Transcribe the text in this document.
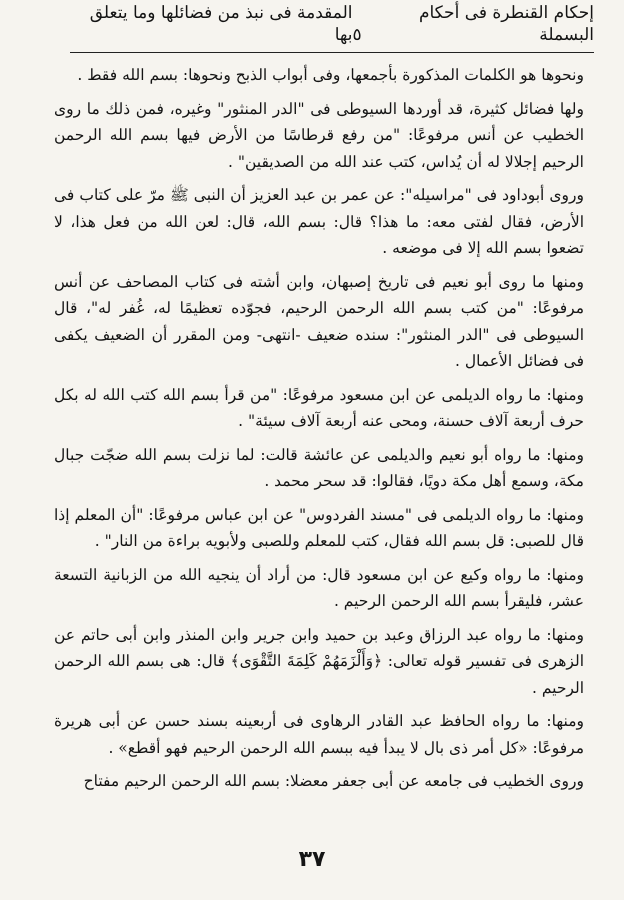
إحكام القنطرة فى أحكام البسملة
٥
المقدمة فى نبذ من فضائلها وما يتعلق بها

ونحوها هو الكلمات المذكورة بأجمعها، وفى أبواب الذبح ونحوها: بسم الله فقط .

ولها فضائل كثيرة، قد أوردها السيوطى فى "الدر المنثور" وغيره، فمن ذلك ما روى الخطيب عن أنس مرفوعًا: "من رفع قرطاسًا من الأرض فيها بسم الله الرحمن الرحيم إجلالا له أن يُداس، كتب عند الله من الصديقين" .

وروى أبوداود فى "مراسيله": عن عمر بن عبد العزيز أن النبى ﷺ مرّ على كتاب فى الأرض، فقال لفتى معه: ما هذا؟ قال: بسم الله، قال: لعن الله من فعل هذا، لا تضعوا بسم الله إلا فى موضعه .

ومنها ما روى أبو نعيم فى تاريخ إصبهان، وابن أشته فى كتاب المصاحف عن أنس مرفوعًا: "من كتب بسم الله الرحمن الرحيم، فجوّده تعظيمًا له، غُفر له"، قال السيوطى فى "الدر المنثور": سنده ضعيف -انتهى- ومن المقرر أن الضعيف يكفى فى فضائل الأعمال .

ومنها: ما رواه الديلمى عن ابن مسعود مرفوعًا: "من قرأ بسم الله كتب الله له بكل حرف أربعة آلاف حسنة، ومحى عنه أربعة آلاف سيئة" .

ومنها: ما رواه أبو نعيم والديلمى عن عائشة قالت: لما نزلت بسم الله ضجّت جبال مكة، وسمع أهل مكة دويًا، فقالوا: قد سحر محمد .

ومنها: ما رواه الديلمى فى "مسند الفردوس" عن ابن عباس مرفوعًا: "أن المعلم إذا قال للصبى: قل بسم الله فقال، كتب للمعلم وللصبى ولأبويه براءة من النار" .

ومنها: ما رواه وكيع عن ابن مسعود قال: من أراد أن ينجيه الله من الزبانية التسعة عشر، فليقرأ بسم الله الرحمن الرحيم .

ومنها: ما رواه عبد الرزاق وعبد بن حميد وابن جرير وابن المنذر وابن أبى حاتم عن الزهرى فى تفسير قوله تعالى: ﴿وَأَلْزَمَهُمْ كَلِمَةَ التَّقْوَى﴾ قال: هى بسم الله الرحمن الرحيم .

ومنها: ما رواه الحافظ عبد القادر الرهاوى فى أربعينه بسند حسن عن أبى هريرة مرفوعًا: «كل أمر ذى بال لا يبدأ فيه ببسم الله الرحمن الرحيم فهو أقطع» .

وروى الخطيب فى جامعه عن أبى جعفر معضلا: بسم الله الرحمن الرحيم مفتاح

٣٧
